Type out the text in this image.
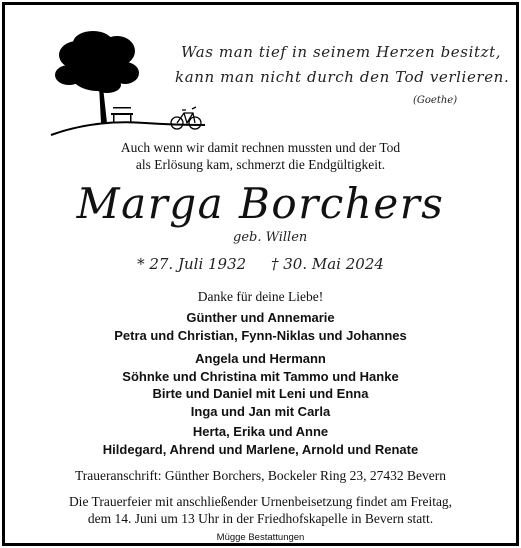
Was man tief in seinem Herzen besitzt,
kann man nicht durch den Tod verlieren.
(Goethe)
Auch wenn wir damit rechnen mussten und der Tod
als Erlösung kam, schmerzt die Endgültigkeit.
Marga Borchers
geb. Willen
* 27. Juli 1932 † 30. Mai 2024
Danke für deine Liebe!
Günther und Annemarie
Petra und Christian, Fynn-Niklas und Johannes
Angela und Hermann
Söhnke und Christina mit Tammo und Hanke
Birte und Daniel mit Leni und Enna
Inga und Jan mit Carla
Herta, Erika und Anne
Hildegard, Ahrend und Marlene, Arnold und Renate
Traueranschrift: Günther Borchers, Bockeler Ring 23, 27432 Bevern
Die Trauerfeier mit anschließender Urnenbeisetzung findet am Freitag,
dem 14. Juni um 13 Uhr in der Friedhofskapelle in Bevern statt.
Mügge Bestattungen
